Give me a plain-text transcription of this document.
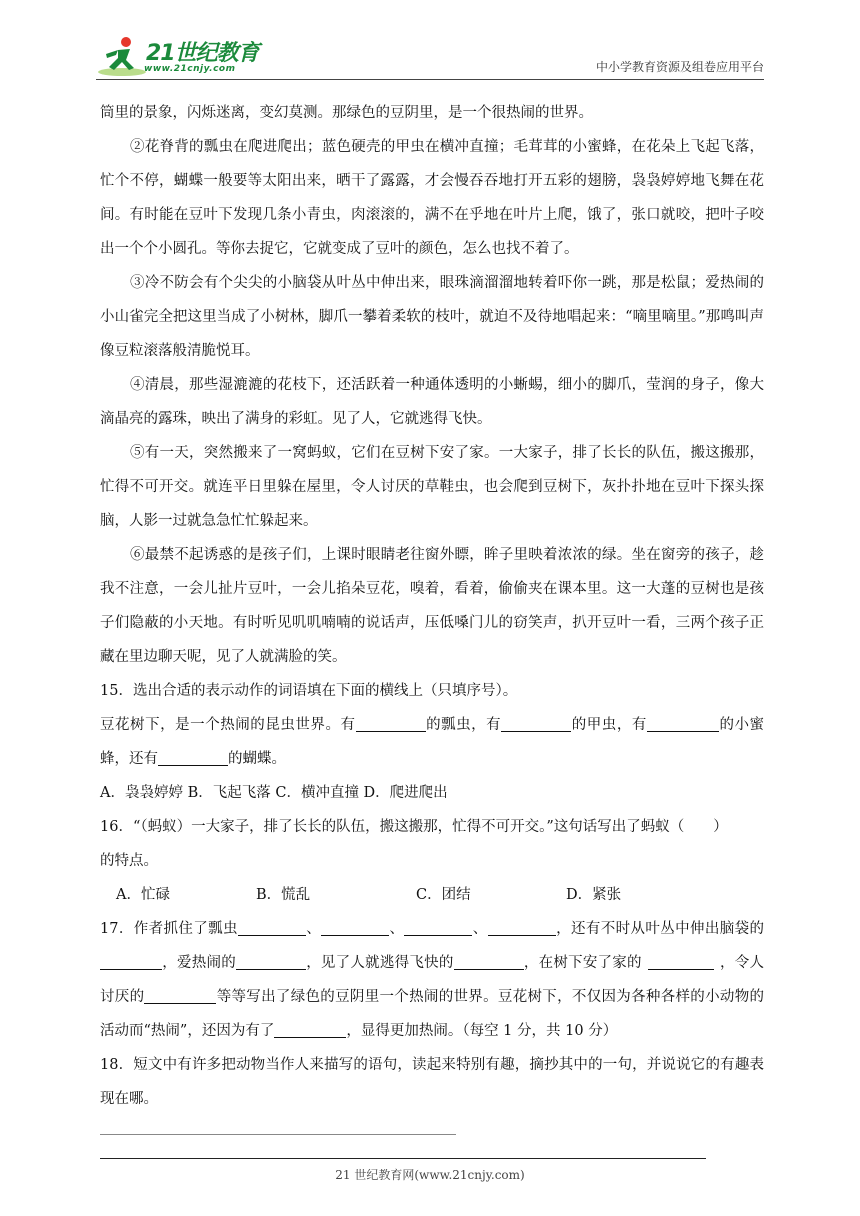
21世纪教育
www.21cnjy.com	中小学教育资源及组卷应用平台

筒里的景象，闪烁迷离，变幻莫测。那绿色的豆阴里，是一个很热闹的世界。

②花脊背的瓢虫在爬进爬出；蓝色硬壳的甲虫在横冲直撞；毛茸茸的小蜜蜂，在花朵上飞起飞落，忙个不停，蝴蝶一般要等太阳出来，晒干了露露，才会慢吞吞地打开五彩的翅膀，袅袅婷婷地飞舞在花间。有时能在豆叶下发现几条小青虫，肉滚滚的，满不在乎地在叶片上爬，饿了，张口就咬，把叶子咬出一个个小圆孔。等你去捉它，它就变成了豆叶的颜色，怎么也找不着了。

③冷不防会有个尖尖的小脑袋从叶丛中伸出来，眼珠滴溜溜地转着吓你一跳，那是松鼠；爱热闹的小山雀完全把这里当成了小树林，脚爪一攀着柔软的枝叶，就迫不及待地唱起来：“嘀里嘀里。”那鸣叫声像豆粒滚落般清脆悦耳。

④清晨，那些湿漉漉的花枝下，还活跃着一种通体透明的小蜥蜴，细小的脚爪，莹润的身子，像大滴晶亮的露珠，映出了满身的彩虹。见了人，它就逃得飞快。

⑤有一天，突然搬来了一窝蚂蚁，它们在豆树下安了家。一大家子，排了长长的队伍，搬这搬那，忙得不可开交。就连平日里躲在屋里，令人讨厌的草鞋虫，也会爬到豆树下，灰扑扑地在豆叶下探头探脑，人影一过就急急忙忙躲起来。

⑥最禁不起诱惑的是孩子们，上课时眼睛老往窗外瞟，眸子里映着浓浓的绿。坐在窗旁的孩子，趁我不注意，一会儿扯片豆叶，一会儿掐朵豆花，嗅着，看着，偷偷夹在课本里。这一大蓬的豆树也是孩子们隐蔽的小天地。有时听见叽叽喃喃的说话声，压低嗓门儿的窃笑声，扒开豆叶一看，三两个孩子正藏在里边聊天呢，见了人就满脸的笑。

15．选出合适的表示动作的词语填在下面的横线上（只填序号）。

豆花树下，是一个热闹的昆虫世界。有	的瓢虫，有	的甲虫，有	的小蜜蜂，还有	的蝴蝶。

A．袅袅婷婷 B．飞起飞落 C．横冲直撞 D．爬进爬出

16．“（蚂蚁）一大家子，排了长长的队伍，搬这搬那，忙得不可开交。”这句话写出了蚂蚁（　　）

的特点。

A．忙碌	B．慌乱	C．团结	D．紧张

17．作者抓住了瓢虫	、	、	、	，还有不时从叶丛中伸出脑袋的，爱热闹的	，见了人就逃得飞快的	，在树下安了家的	，令人讨厌的	等等写出了绿色的豆阴里一个热闹的世界。豆花树下，不仅因为各种各样的小动物的活动而“热闹”，还因为有了	，显得更加热闹。（每空 1 分，共 10 分）

18．短文中有许多把动物当作人来描写的语句，读起来特别有趣，摘抄其中的一句，并说说它的有趣表现在哪。

21 世纪教育网(www.21cnjy.com)
